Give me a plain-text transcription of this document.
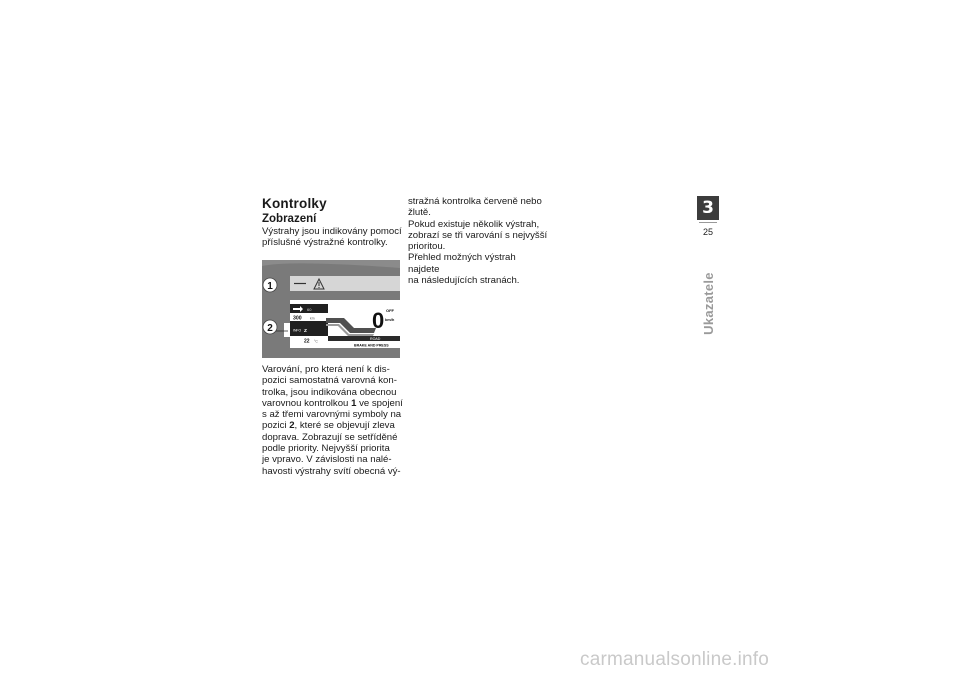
Kontrolky
Zobrazení

Výstrahy jsou indikovány pomocí
příslušné výstražné kontrolky.

60
300 km
INFO Z
22 °C
0 OFF
km/h
ROAD
BRAKE AND PRESS
1
2

Varování, pro která není k dis-
pozici samostatná varovná kon-
trolka, jsou indikována obecnou
varovnou kontrolkou 1 ve spojení
s až třemi varovnými symboly na
pozici 2, které se objevují zleva
doprava. Zobrazují se setříděné
podle priority. Nejvyšší priorita
je vpravo. V závislosti na nalé-
havosti výstrahy svítí obecná vý-

stražná kontrolka červeně nebo
žlutě.
Pokud existuje několik výstrah,
zobrazí se tři varování s nejvyšší
prioritou.
Přehled možných výstrah najdete
na následujících stranách.

3
25
Ukazatele
carmanualsonline.info
